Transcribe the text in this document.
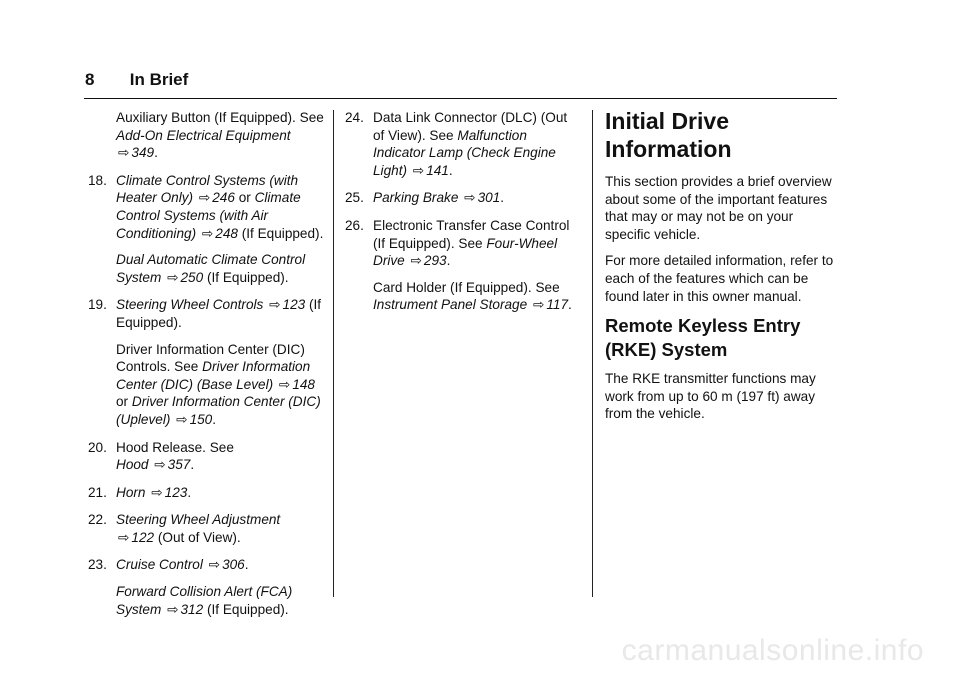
8 In Brief

Auxiliary Button (If Equipped). See Add-On Electrical Equipment ⇨ 349.

18. Climate Control Systems (with Heater Only) ⇨ 246 or Climate Control Systems (with Air Conditioning) ⇨ 248 (If Equipped).

Dual Automatic Climate Control System ⇨ 250 (If Equipped).

19. Steering Wheel Controls ⇨ 123 (If Equipped).

Driver Information Center (DIC) Controls. See Driver Information Center (DIC) (Base Level) ⇨ 148 or Driver Information Center (DIC) (Uplevel) ⇨ 150.

20. Hood Release. See
Hood ⇨ 357.

21. Horn ⇨ 123.

22. Steering Wheel Adjustment
⇨ 122 (Out of View).

23. Cruise Control ⇨ 306.

Forward Collision Alert (FCA) System ⇨ 312 (If Equipped).

24. Data Link Connector (DLC) (Out of View). See Malfunction Indicator Lamp (Check Engine Light) ⇨ 141.

25. Parking Brake ⇨ 301.

26. Electronic Transfer Case Control (If Equipped). See Four-Wheel Drive ⇨ 293.

Card Holder (If Equipped). See Instrument Panel Storage ⇨ 117.

Initial Drive Information

This section provides a brief overview about some of the important features that may or may not be on your specific vehicle.

For more detailed information, refer to each of the features which can be found later in this owner manual.

Remote Keyless Entry (RKE) System

The RKE transmitter functions may work from up to 60 m (197 ft) away from the vehicle.

carmanualsonline.info
